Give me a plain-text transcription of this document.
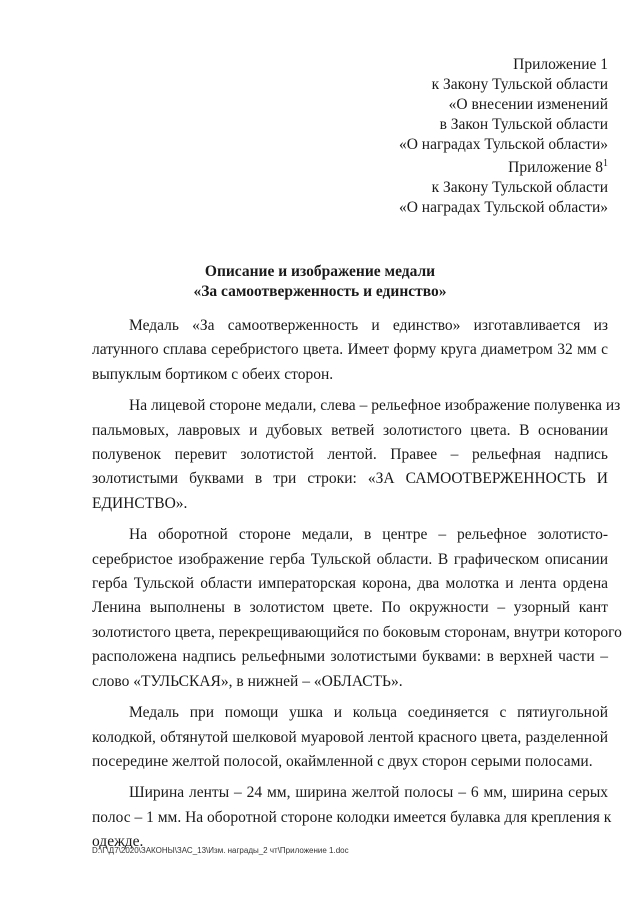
Приложение 1
к Закону Тульской области
«О внесении изменений
в Закон Тульской области
«О наградах Тульской области»
Приложение $8^1$
к Закону Тульской области
«О наградах Тульской области»
Описание и изображение медали
«За самоотверженность и единство»
Медаль «За самоотверженность и единство» изготавливается из
латунного сплава серебристого цвета. Имеет форму круга диаметром 32 мм с
выпуклым бортиком с обеих сторон.
На лицевой стороне медали, слева – рельефное изображение полувенка из
пальмовых, лавровых и дубовых ветвей золотистого цвета. В основании
полувенок перевит золотистой лентой. Правее – рельефная надпись
золотистыми буквами в три строки: «ЗА САМООТВЕРЖЕННОСТЬ И
ЕДИНСТВО».
На оборотной стороне медали, в центре – рельефное золотисто-
серебристое изображение герба Тульской области. В графическом описании
герба Тульской области императорская корона, два молотка и лента ордена
Ленина выполнены в золотистом цвете. По окружности – узорный кант
золотистого цвета, перекрещивающийся по боковым сторонам, внутри которого
расположена надпись рельефными золотистыми буквами: в верхней части –
слово «ТУЛЬСКАЯ», в нижней – «ОБЛАСТЬ».
Медаль при помощи ушка и кольца соединяется с пятиугольной
колодкой, обтянутой шелковой муаровой лентой красного цвета, разделенной
посередине желтой полосой, окаймленной с двух сторон серыми полосами.
Ширина ленты – 24 мм, ширина желтой полосы – 6 мм, ширина серых
полос – 1 мм. На оборотной стороне колодки имеется булавка для крепления к
одежде.
D:\Г\Д7\2020\ЗАКОНЫ\ЗАС_13\Изм. награды_2 чт\Приложение 1.doc
